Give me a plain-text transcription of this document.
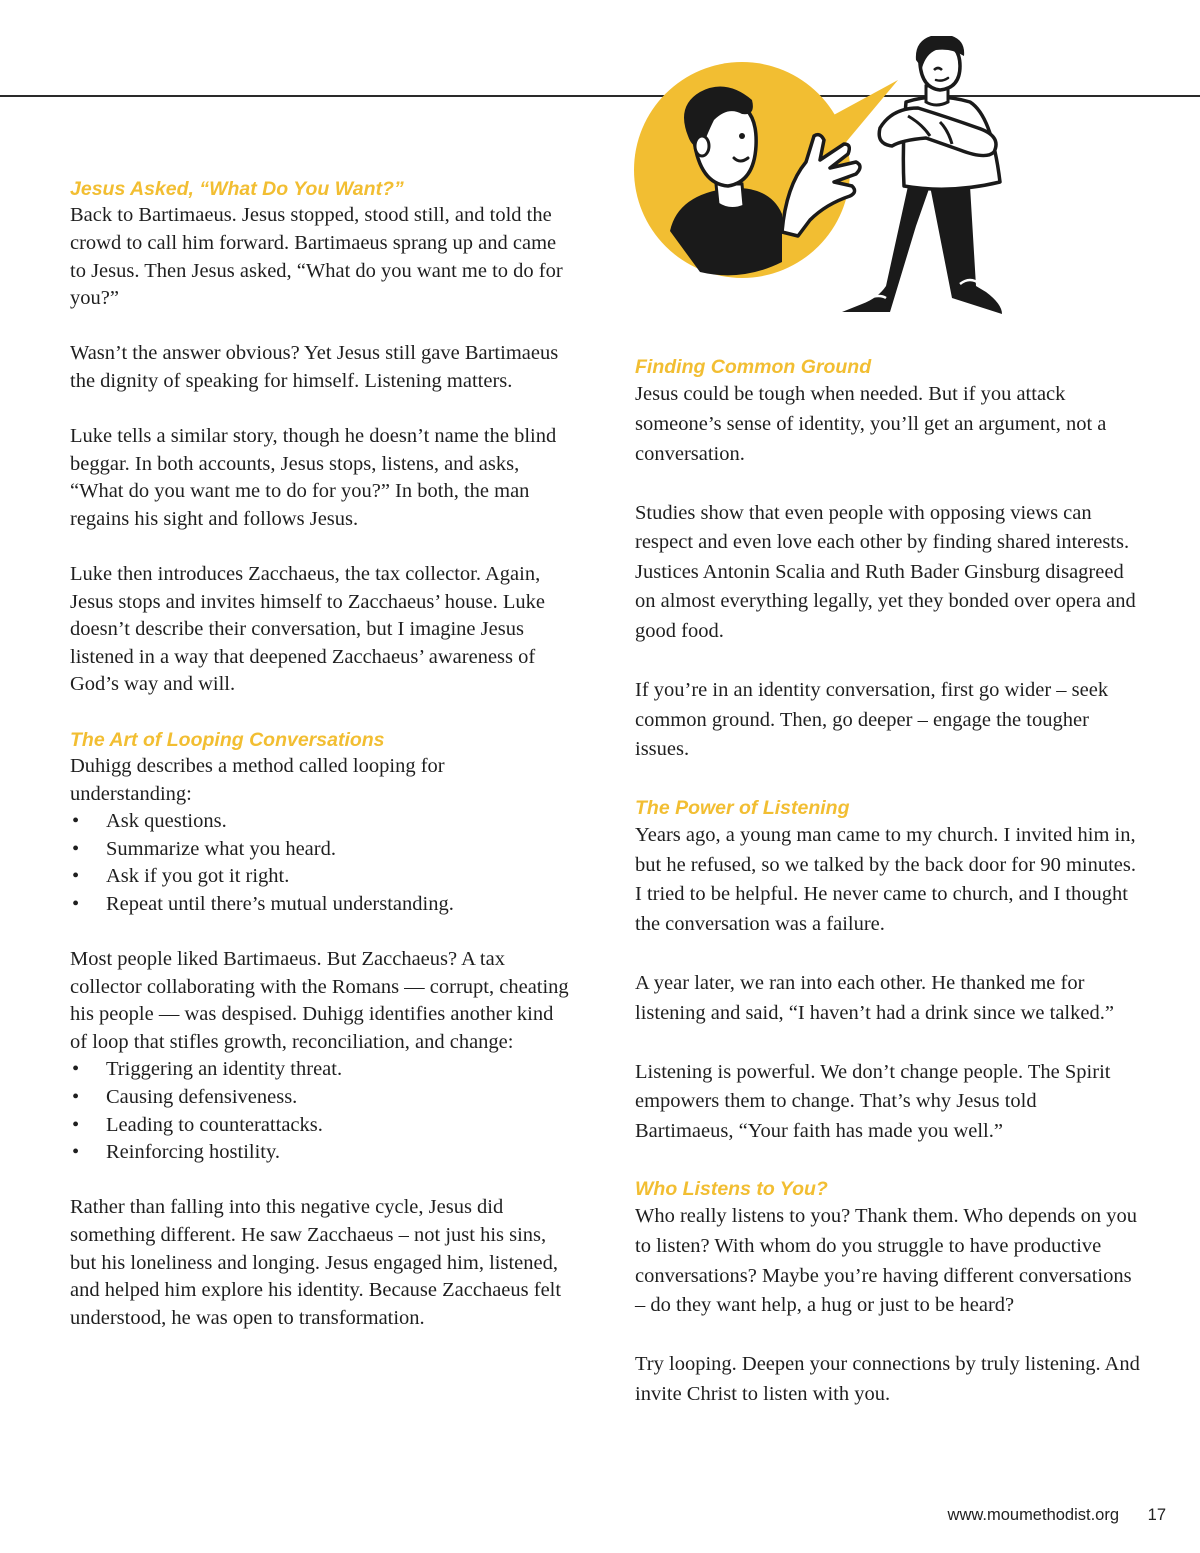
Jesus Asked, “What Do You Want?”

Back to Bartimaeus. Jesus stopped, stood still, and told the crowd to call him forward. Bartimaeus sprang up and came to Jesus. Then Jesus asked, “What do you want me to do for you?”

Wasn’t the answer obvious? Yet Jesus still gave Bartimaeus the dignity of speaking for himself. Listening matters.

Luke tells a similar story, though he doesn’t name the blind beggar. In both accounts, Jesus stops, listens, and asks, “What do you want me to do for you?” In both, the man regains his sight and follows Jesus.

Luke then introduces Zacchaeus, the tax collector. Again, Jesus stops and invites himself to Zacchaeus’ house. Luke doesn’t describe their conversation, but I imagine Jesus listened in a way that deepened Zacchaeus’ awareness of God’s way and will.

The Art of Looping Conversations

Duhigg describes a method called looping for understanding:

• Ask questions.
• Summarize what you heard.
• Ask if you got it right.
• Repeat until there’s mutual understanding.

Most people liked Bartimaeus. But Zacchaeus? A tax collector collaborating with the Romans — corrupt, cheating his people — was despised. Duhigg identifies another kind of loop that stifles growth, reconciliation, and change:

• Triggering an identity threat.
• Causing defensiveness.
• Leading to counterattacks.
• Reinforcing hostility.

Rather than falling into this negative cycle, Jesus did something different. He saw Zacchaeus – not just his sins, but his loneliness and longing. Jesus engaged him, listened, and helped him explore his identity. Because Zacchaeus felt understood, he was open to transformation.

Finding Common Ground

Jesus could be tough when needed. But if you attack someone’s sense of identity, you’ll get an argument, not a conversation.

Studies show that even people with opposing views can respect and even love each other by finding shared interests. Justices Antonin Scalia and Ruth Bader Ginsburg disagreed on almost everything legally, yet they bonded over opera and good food.

If you’re in an identity conversation, first go wider – seek common ground. Then, go deeper – engage the tougher issues.

The Power of Listening

Years ago, a young man came to my church. I invited him in, but he refused, so we talked by the back door for 90 minutes. I tried to be helpful. He never came to church, and I thought the conversation was a failure.

A year later, we ran into each other. He thanked me for listening and said, “I haven’t had a drink since we talked.”

Listening is powerful. We don’t change people. The Spirit empowers them to change. That’s why Jesus told Bartimaeus, “Your faith has made you well.”

Who Listens to You?

Who really listens to you? Thank them. Who depends on you to listen? With whom do you struggle to have productive conversations? Maybe you’re having different conversations – do they want help, a hug or just to be heard?

Try looping. Deepen your connections by truly listening. And invite Christ to listen with you.

www.moumethodist.org 17
